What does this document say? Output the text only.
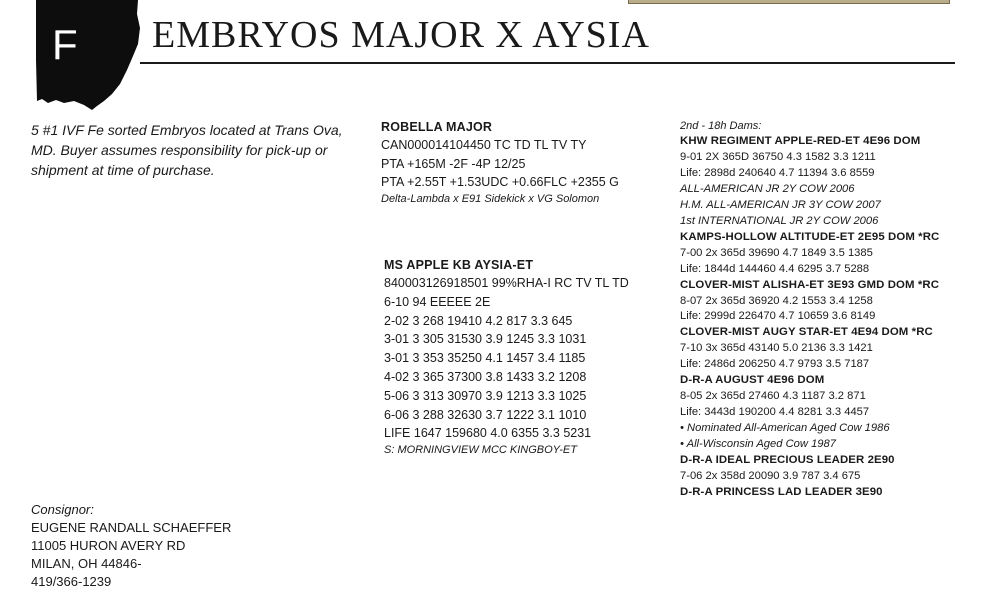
F EMBRYOS MAJOR X AYSIA

5 #1 IVF Fe sorted Embryos located at Trans Ova, MD. Buyer assumes responsibility for pick-up or shipment at time of purchase.

ROBELLA MAJOR
CAN000014104450 TC TD TL TV TY
PTA +165M -2F -4P 12/25
PTA +2.55T +1.53UDC +0.66FLC +2355 G
Delta-Lambda x E91 Sidekick x VG Solomon
MS APPLE KB AYSIA-ET
840003126918501 99%RHA-I RC TV TL TD
6-10 94 EEEEE 2E
2-02 3 268 19410 4.2 817 3.3 645
3-01 3 305 31530 3.9 1245 3.3 1031
3-01 3 353 35250 4.1 1457 3.4 1185
4-02 3 365 37300 3.8 1433 3.2 1208
5-06 3 313 30970 3.9 1213 3.3 1025
6-06 3 288 32630 3.7 1222 3.1 1010
LIFE 1647 159680 4.0 6355 3.3 5231
S: MORNINGVIEW MCC KINGBOY-ET
2nd - 18h Dams:
KHW REGIMENT APPLE-RED-ET 4E96 DOM
9-01 2X 365D 36750 4.3 1582 3.3 1211
Life: 2898d 240640 4.7 11394 3.6 8559
ALL-AMERICAN JR 2Y COW 2006
H.M. ALL-AMERICAN JR 3Y COW 2007
1st INTERNATIONAL JR 2Y COW 2006
KAMPS-HOLLOW ALTITUDE-ET 2E95 DOM *RC
7-00 2x 365d 39690 4.7 1849 3.5 1385
Life: 1844d 144460 4.4 6295 3.7 5288
CLOVER-MIST ALISHA-ET 3E93 GMD DOM *RC
8-07 2x 365d 36920 4.2 1553 3.4 1258
Life: 2999d 226470 4.7 10659 3.6 8149
CLOVER-MIST AUGY STAR-ET 4E94 DOM *RC
7-10 3x 365d 43140 5.0 2136 3.3 1421
Life: 2486d 206250 4.7 9793 3.5 7187
D-R-A AUGUST 4E96 DOM
8-05 2x 365d 27460 4.3 1187 3.2 871
Life: 3443d 190200 4.4 8281 3.3 4457
• Nominated All-American Aged Cow 1986
• All-Wisconsin Aged Cow 1987
D-R-A IDEAL PRECIOUS LEADER 2E90
7-06 2x 358d 20090 3.9 787 3.4 675
D-R-A PRINCESS LAD LEADER 3E90
Consignor:
EUGENE RANDALL SCHAEFFER
11005 HURON AVERY RD
MILAN, OH 44846-
419/366-1239
